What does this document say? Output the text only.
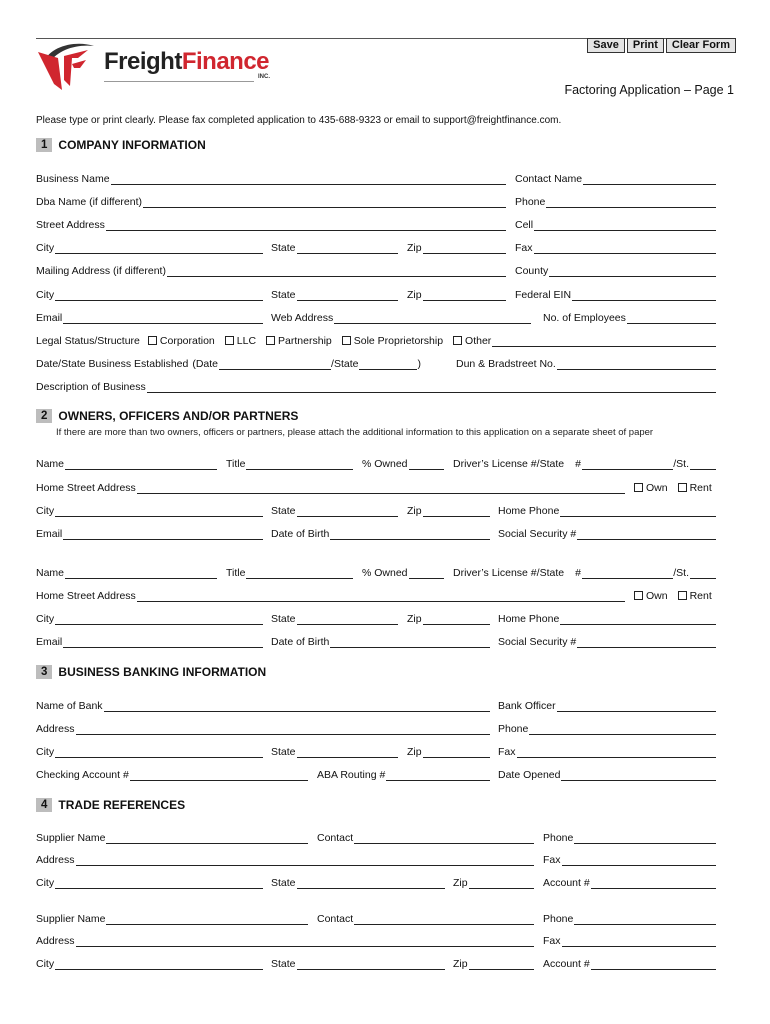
Save	Print	Clear Form
FreightFinance
INC.
Factoring Application – Page 1
Please type or print clearly. Please fax completed application to 435-688-9323 or email to support@freightfinance.com.
1 COMPANY INFORMATION
Business Name	Contact Name
Dba Name (if different)	Phone
Street Address	Cell
City	State	Zip	Fax
Mailing Address (if different)	County
City	State	Zip	Federal EIN
Email	Web Address	No. of Employees
Legal Status/Structure Corporation LLC Partnership Sole Proprietorship Other
Date/State Business Established (Date	/State	)	Dun & Bradstreet No.
Description of Business
2 OWNERS, OFFICERS AND/OR PARTNERS
If there are more than two owners, officers or partners, please attach the additional information to this application on a separate sheet of paper
Name	Title	% Owned	Driver’s License #/State #	/St.
Home Street Address	Own Rent
City	State	Zip	Home Phone
Email	Date of Birth	Social Security #
Name	Title	% Owned	Driver’s License #/State #	/St.
Home Street Address	Own Rent
City	State	Zip	Home Phone
Email	Date of Birth	Social Security #
3 BUSINESS BANKING INFORMATION
Name of Bank	Bank Officer
Address	Phone
City	State	Zip	Fax
Checking Account #	ABA Routing #	Date Opened
4 TRADE REFERENCES
Supplier Name	Contact	Phone
Address	Fax
City	State	Zip	Account #
Supplier Name	Contact	Phone
Address	Fax
City	State	Zip	Account #
